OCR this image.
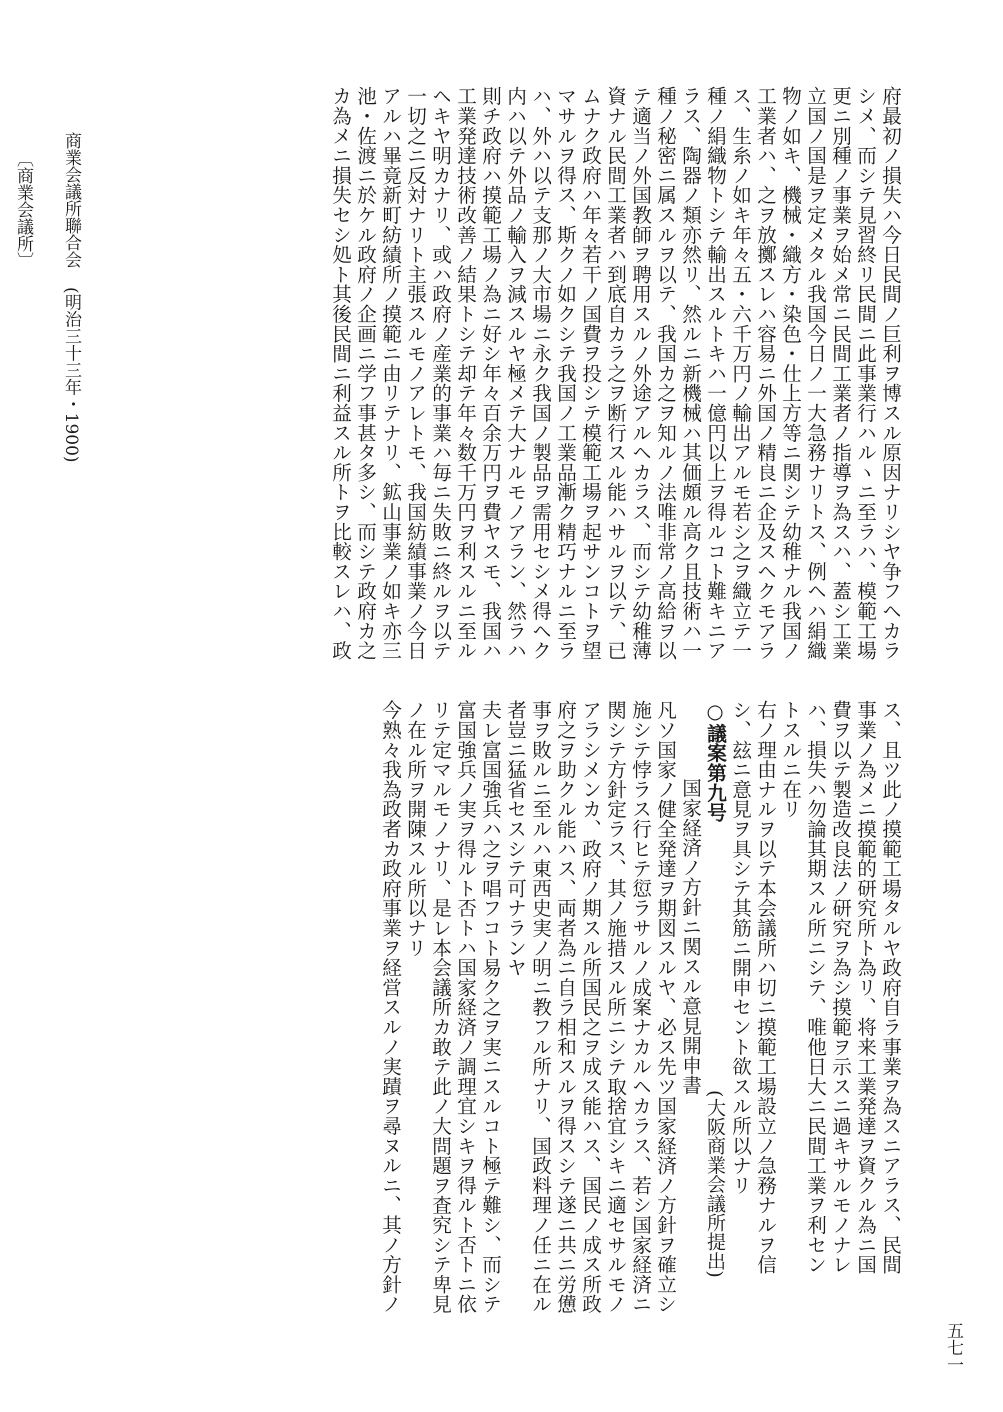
府最初ノ損失ハ今日民間ノ巨利ヲ博スル原因ナリシヤ争フヘカラ
シメ、而シテ見習終リ民間ニ此事業行ハルヽニ至ラハ、模範工場
更ニ別種ノ事業ヲ始メ常ニ民間工業者ノ指導ヲ為スハ、蓋シ工業
立国ノ国是ヲ定メタル我国今日ノ一大急務ナリトス、例ヘハ絹織
物ノ如キ、機械・織方・染色・仕上方等ニ関シテ幼稚ナル我国ノ
工業者ハ、之ヲ放擲スレハ容易ニ外国ノ精良ニ企及スヘクモアラ
ス、生糸ノ如キ年々五・六千万円ノ輸出アルモ若シ之ヲ織立テ一
種ノ絹織物トシテ輸出スルトキハ一億円以上ヲ得ルコト難キニア
ラス、陶器ノ類亦然リ、然ルニ新機械ハ其価頗ル高ク且技術ハ一
種ノ秘密ニ属スルヲ以テ、我国カ之ヲ知ルノ法唯非常ノ高給ヲ以
テ適当ノ外国教師ヲ聘用スルノ外途アルヘカラス、而シテ幼稚薄
資ナル民間工業者ハ到底自カラ之ヲ断行スル能ハサルヲ以テ、已
ムナク政府ハ年々若干ノ国費ヲ投シテ模範工場ヲ起サンコトヲ望
マサルヲ得ス、斯クノ如クシテ我国ノ工業品漸ク精巧ナルニ至ラ
ハ、外ハ以テ支那ノ大市場ニ永ク我国ノ製品ヲ需用セシメ得ヘク
内ハ以テ外品ノ輸入ヲ減スルヤ極メテ大ナルモノアラン、然ラハ
則チ政府ハ摸範工場ノ為ニ好シ年々百余万円ヲ費ヤスモ、我国ハ
工業発達技術改善ノ結果トシテ却テ年々数千万円ヲ利スルニ至ル
ヘキヤ明カナリ、或ハ政府ノ産業的事業ハ毎ニ失敗ニ終ルヲ以テ
一切之ニ反対ナリト主張スルモノアレトモ、我国紡績事業ノ今日
アルハ畢竟新町紡績所ノ摸範ニ由リテナリ、鉱山事業ノ如キ亦三
池・佐渡ニ於ケル政府ノ企画ニ学フ事甚タ多シ、而シテ政府カ之
カ為メニ損失セシ処ト其後民間ニ利益スル所トヲ比較スレハ、政
ス、且ツ此ノ摸範工場タルヤ政府自ラ事業ヲ為スニアラス、民間
事業ノ為メニ摸範的研究所ト為リ、将来工業発達ヲ資クル為ニ国
費ヲ以テ製造改良法ノ研究ヲ為シ摸範ヲ示スニ過キサルモノナレ
ハ、損失ハ勿論其期スル所ニシテ、唯他日大ニ民間工業ヲ利セン
トスルニ在リ
右ノ理由ナルヲ以テ本会議所ハ切ニ摸範工場設立ノ急務ナルヲ信
シ、玆ニ意見ヲ具シテ其筋ニ開申セント欲スル所以ナリ
○議案第九号
国家経済ノ方針ニ関スル意見開申書
(大阪商業会議所提出)
凡ソ国家ノ健全発達ヲ期図スルヤ、必ス先ツ国家経済ノ方針ヲ確立シ
施シテ悖ラス行ヒテ愆ラサルノ成案ナカルヘカラス、若シ国家経済ニ
関シテ方針定ラス、其ノ施措スル所ニシテ取捨宜シキニ適セサルモノ
アラシメンカ、政府ノ期スル所国民之ヲ成ス能ハス、国民ノ成ス所政
府之ヲ助クル能ハス、両者為ニ自ラ相和スルヲ得スシテ遂ニ共ニ労憊
事ヲ敗ルニ至ルハ東西史実ノ明ニ教フル所ナリ、国政料理ノ任ニ在ル
者豈ニ猛省セスシテ可ナランヤ
夫レ富国強兵ハ之ヲ唱フコト易ク之ヲ実ニスルコト極テ難シ、而シテ
富国強兵ノ実ヲ得ルト否トハ国家経済ノ調理宜シキヲ得ルト否トニ依
リテ定マルモノナリ、是レ本会議所カ敢テ此ノ大問題ヲ査究シテ卑見
ノ在ル所ヲ開陳スル所以ナリ
今熟々我為政者カ政府事業ヲ経営スルノ実蹟ヲ尋ヌルニ、其ノ方針ノ
〔商業会議所〕 商業会議所聯合会 (明治三十三年・1900)
五七一
